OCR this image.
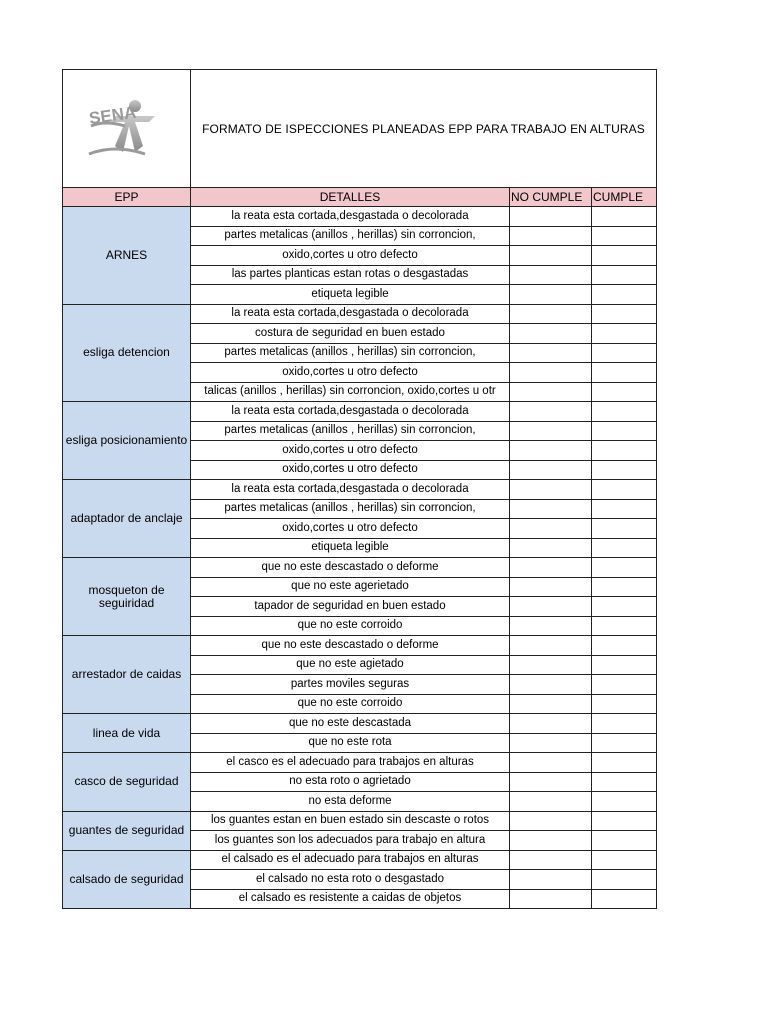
SENA	FORMATO DE ISPECCIONES PLANEADAS EPP PARA TRABAJO EN ALTURAS		
EPP	DETALLES	NO CUMPLE	CUMPLE
ARNES	la reata esta cortada,desgastada o decolorada		
	partes metalicas (anillos , herillas) sin corroncion,		
	oxido,cortes u otro defecto		
	las partes planticas estan rotas o desgastadas		
	etiqueta legible		
esliga detencion	la reata esta cortada,desgastada o decolorada		
	costura de seguridad en buen estado		
	partes metalicas (anillos , herillas) sin corroncion,		
	oxido,cortes u otro defecto		
	talicas (anillos , herillas) sin corroncion, oxido,cortes u otr		
esliga posicionamiento	la reata esta cortada,desgastada o decolorada		
	partes metalicas (anillos , herillas) sin corroncion,		
	oxido,cortes u otro defecto		
	oxido,cortes u otro defecto		
adaptador de anclaje	la reata esta cortada,desgastada o decolorada		
	partes metalicas (anillos , herillas) sin corroncion,		
	oxido,cortes u otro defecto		
	etiqueta legible		
mosqueton de seguiridad	que no este descastado o deforme		
	que no este agerietado		
	tapador de seguridad en buen estado		
	que no este corroido		
arrestador de caidas	que no este descastado o deforme		
	que no este agietado		
	partes moviles seguras		
	que no este corroido		
linea de vida	que no este descastada		
	que no este rota		
casco de seguridad	el casco es el adecuado para trabajos en alturas		
	no esta roto o agrietado		
	no esta deforme		
guantes de seguridad	los guantes estan en buen estado sin descaste o rotos		
	los guantes son los adecuados para trabajo en altura		
calsado de seguridad	el calsado es el adecuado para trabajos en alturas		
	el calsado no esta roto o desgastado		
	el calsado es resistente a caidas de objetos		
